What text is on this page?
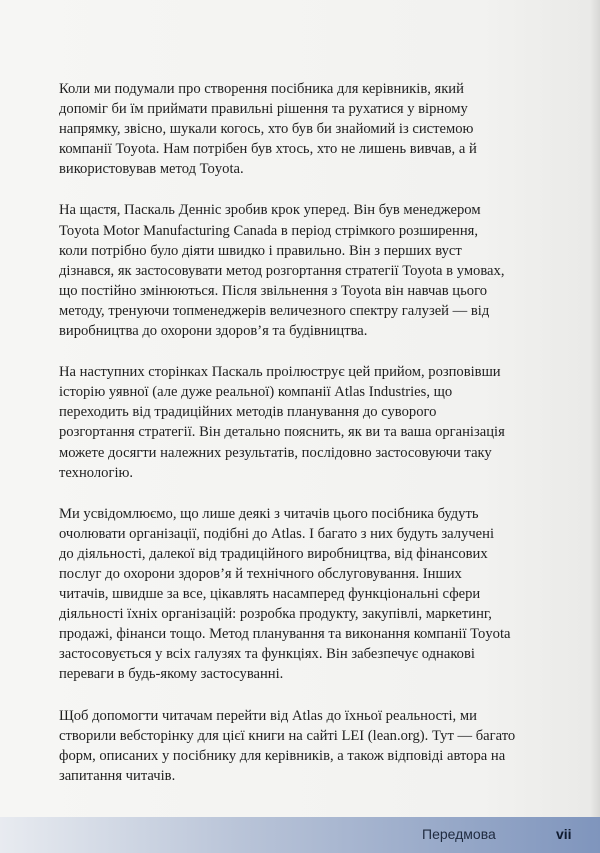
Коли ми подумали про створення посібника для керівників, який
допоміг би їм приймати правильні рішення та рухатися у вірному
напрямку, звісно, шукали когось, хто був би знайомий із системою
компанії Toyota. Нам потрібен був хтось, хто не лишень вивчав, а й
використовував метод Toyota.

На щастя, Паскаль Денніс зробив крок уперед. Він був менеджером
Toyota Motor Manufacturing Canada в період стрімкого розширення,
коли потрібно було діяти швидко і правильно. Він з перших вуст
дізнався, як застосовувати метод розгортання стратегії Toyota в умовах,
що постійно змінюються. Після звільнення з Toyota він навчав цього
методу, тренуючи топменеджерів величезного спектру галузей — від
виробництва до охорони здоров’я та будівництва.

На наступних сторінках Паскаль проілюструє цей прийом, розповівши
історію уявної (але дуже реальної) компанії Atlas Industries, що
переходить від традиційних методів планування до суворого
розгортання стратегії. Він детально пояснить, як ви та ваша організація
можете досягти належних результатів, послідовно застосовуючи таку
технологію.

Ми усвідомлюємо, що лише деякі з читачів цього посібника будуть
очолювати організації, подібні до Atlas. І багато з них будуть залучені
до діяльності, далекої від традиційного виробництва, від фінансових
послуг до охорони здоров’я й технічного обслуговування. Інших
читачів, швидше за все, цікавлять насамперед функціональні сфери
діяльності їхніх організацій: розробка продукту, закупівлі, маркетинг,
продажі, фінанси тощо. Метод планування та виконання компанії Toyota
застосовується у всіх галузях та функціях. Він забезпечує однакові
переваги в будь-якому застосуванні.

Щоб допомогти читачам перейти від Atlas до їхньої реальності, ми
створили вебсторінку для цієї книги на сайті LEI (lean.org). Тут — багато
форм, описаних у посібнику для керівників, а також відповіді автора на
запитання читачів.

Передмова	vii
